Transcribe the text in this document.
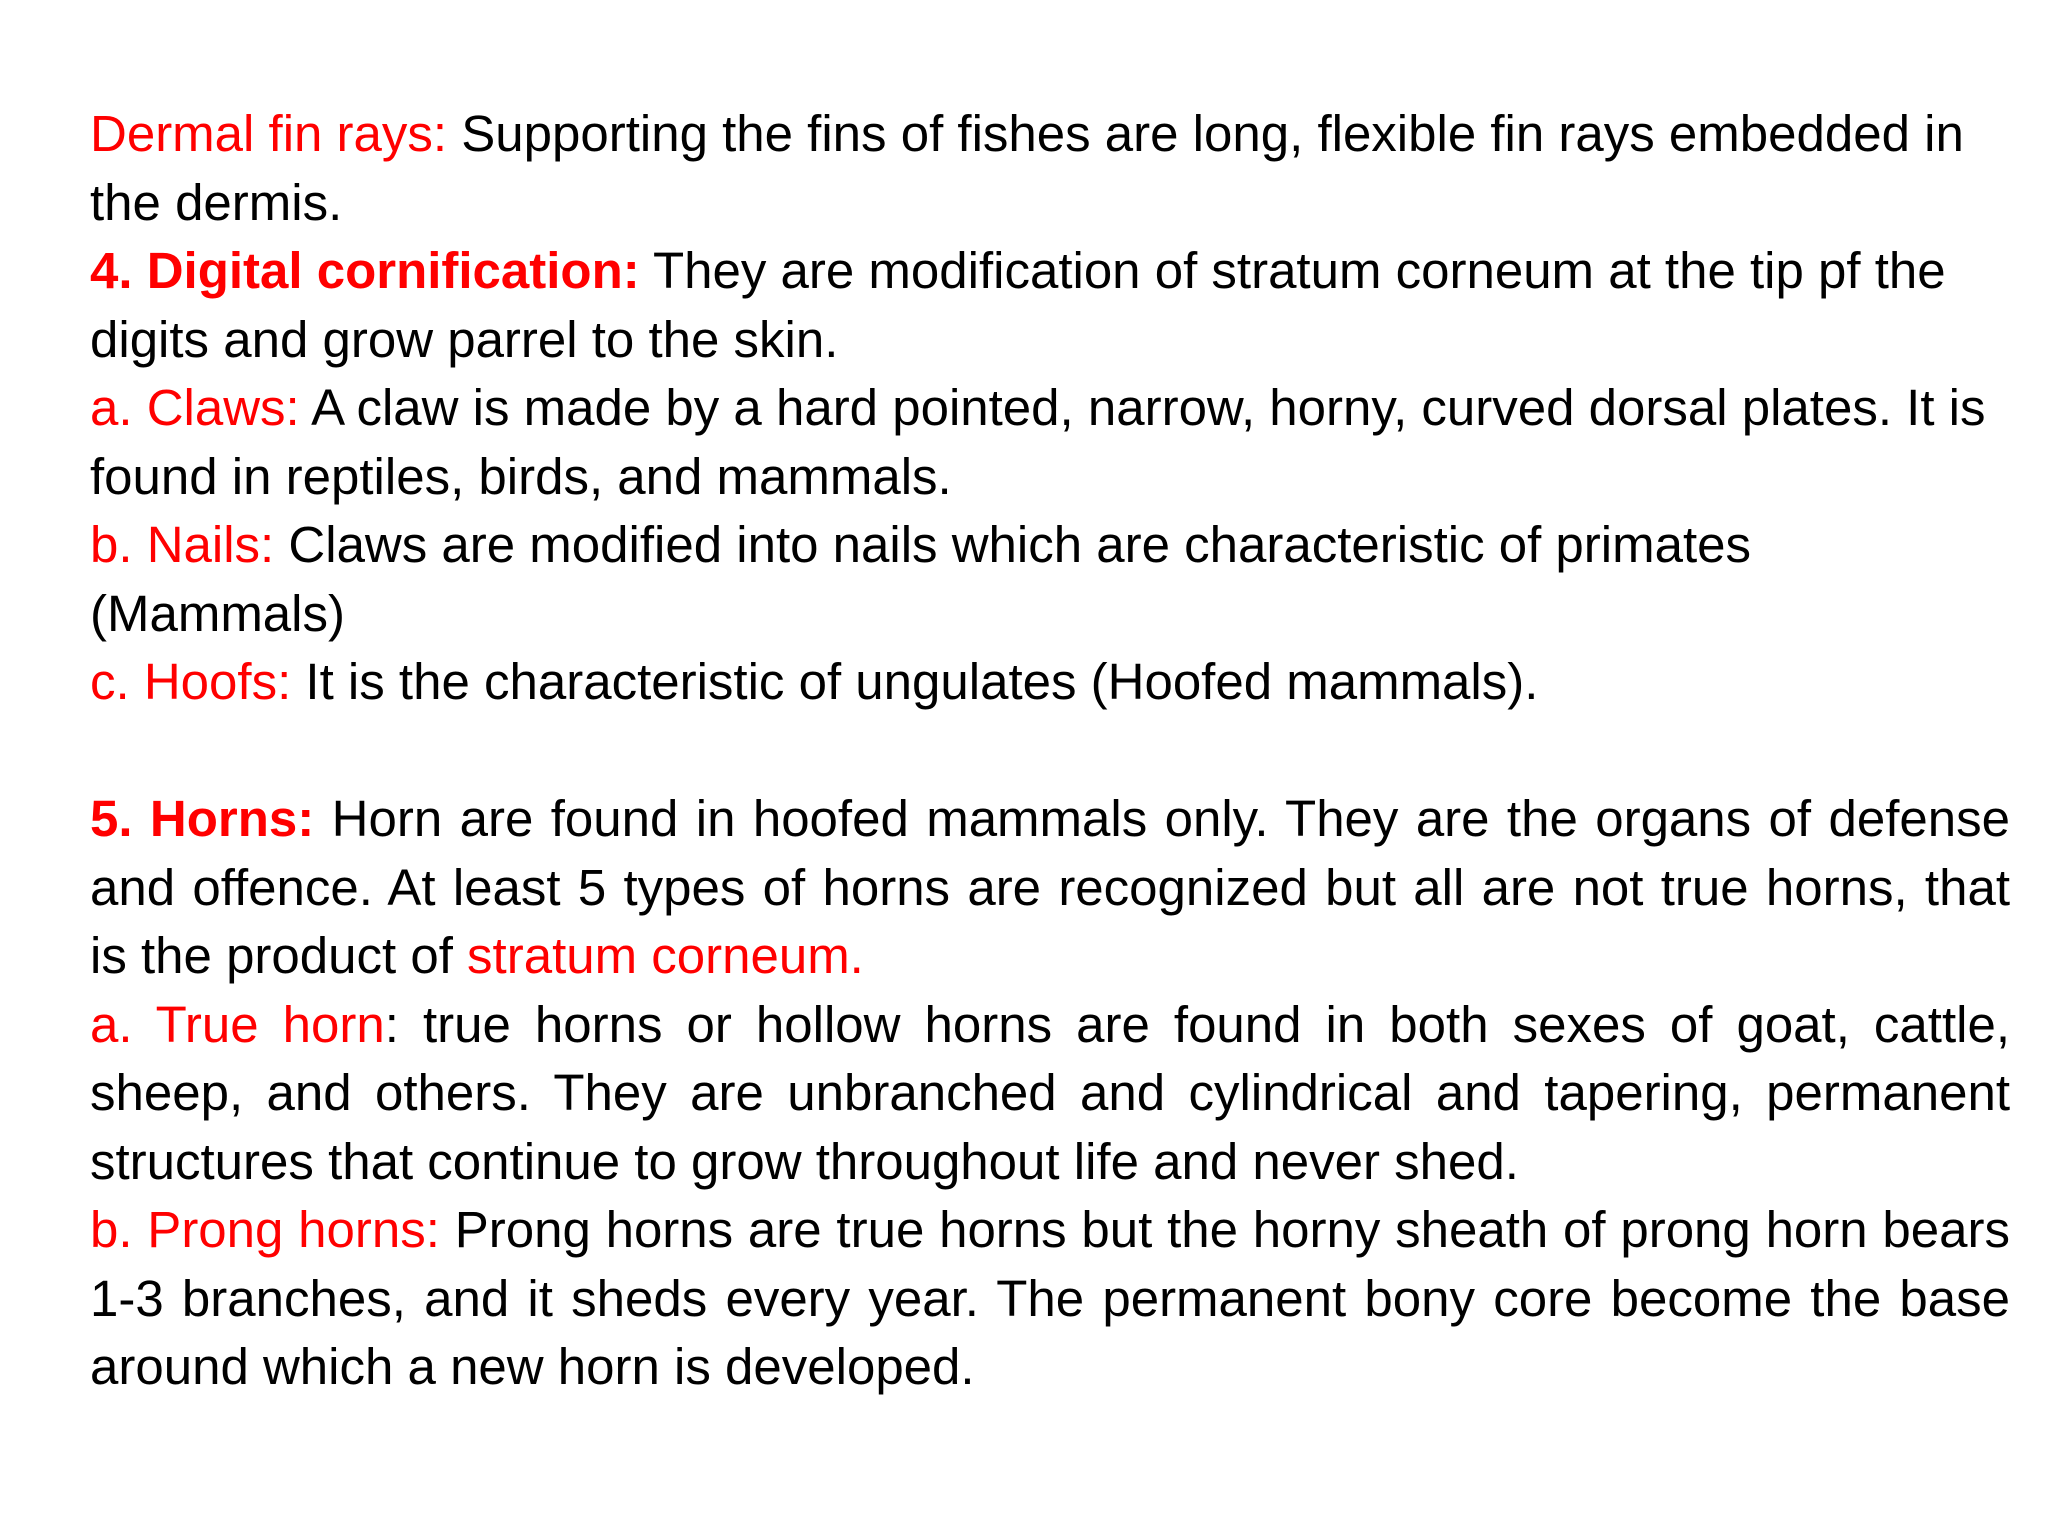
Dermal fin rays: Supporting the fins of fishes are long, flexible fin rays embedded in the dermis.

4. Digital cornification: They are modification of stratum corneum at the tip pf the digits and grow parrel to the skin.

a. Claws: A claw is made by a hard pointed, narrow, horny, curved dorsal plates. It is found in reptiles, birds, and mammals.

b. Nails: Claws are modified into nails which are characteristic of primates (Mammals)

c. Hoofs: It is the characteristic of ungulates (Hoofed mammals).

5. Horns: Horn are found in hoofed mammals only. They are the organs of defense and offence. At least 5 types of horns are recognized but all are not true horns, that is the product of stratum corneum.

a. True horn: true horns or hollow horns are found in both sexes of goat, cattle, sheep, and others. They are unbranched and cylindrical and tapering, permanent structures that continue to grow throughout life and never shed.

b. Prong horns: Prong horns are true horns but the horny sheath of prong horn bears 1-3 branches, and it sheds every year. The permanent bony core become the base around which a new horn is developed.
